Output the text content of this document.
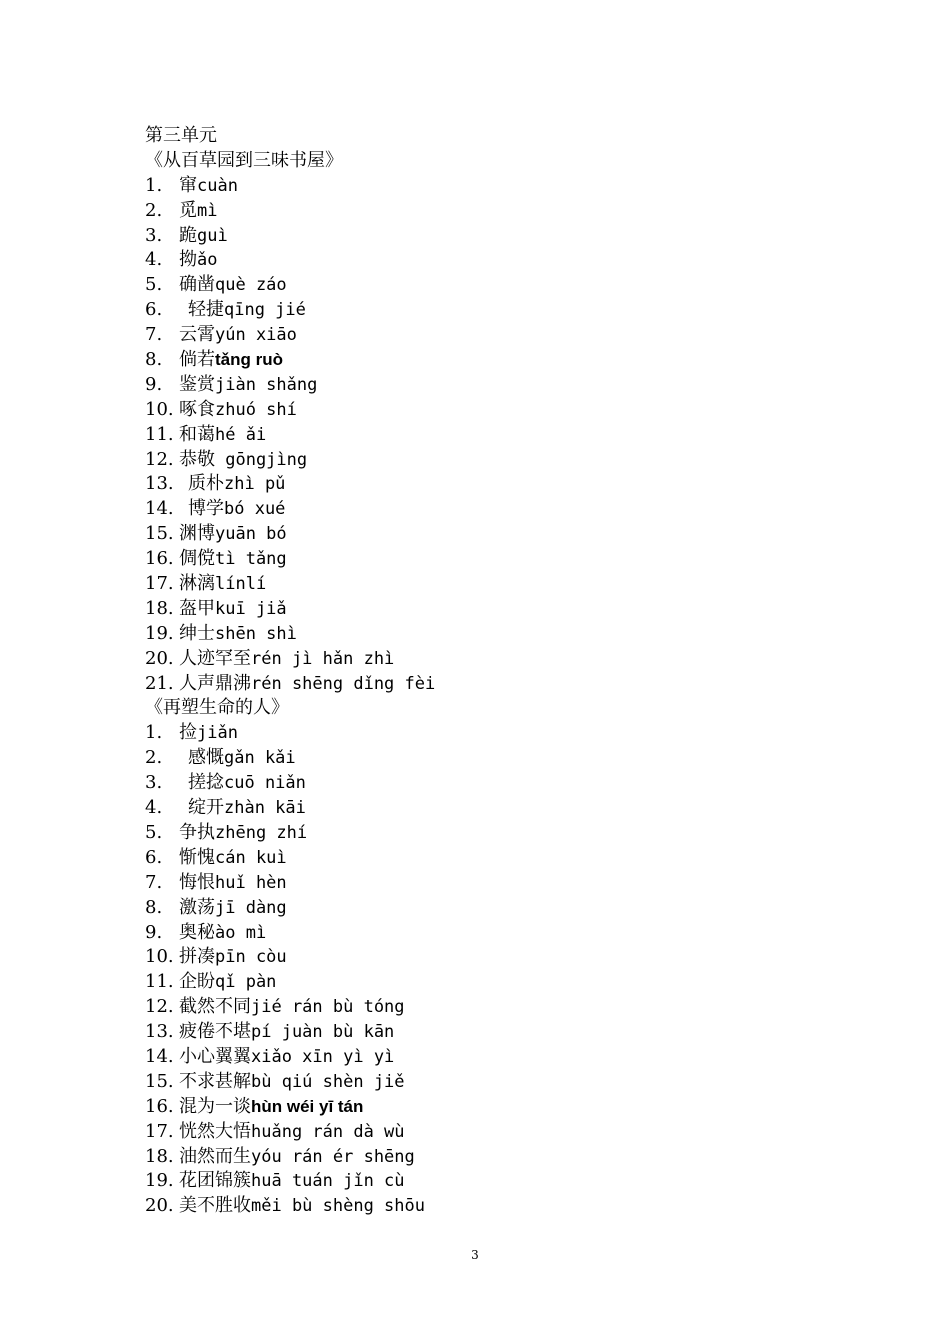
第三单元
《从百草园到三味书屋》
1. 窜cuàn
2. 觅mì
3. 跪guì
4. 拗ǎo
5. 确凿què záo
6. 轻捷qīng jié
7. 云霄yún xiāo
8. 倘若tǎng ruò
9. 鉴赏jiàn shǎng
10. 啄食zhuó shí
11. 和蔼hé ǎi
12. 恭敬 gōngjìng
13. 质朴zhì pǔ
14. 博学bó xué
15. 渊博yuān bó
16. 倜傥tì tǎng
17. 淋漓línlí
18. 盔甲kuī jiǎ
19. 绅士shēn shì
20. 人迹罕至rén jì hǎn zhì
21. 人声鼎沸rén shēng dǐng fèi
《再塑生命的人》
1. 捡jiǎn
2. 感慨gǎn kǎi
3. 搓捻cuō niǎn
4. 绽开zhàn kāi
5. 争执zhēng zhí
6. 惭愧cán kuì
7. 悔恨huǐ hèn
8. 激荡jī dàng
9. 奥秘ào mì
10. 拼凑pīn còu
11. 企盼qǐ pàn
12. 截然不同jié rán bù tóng
13. 疲倦不堪pí juàn bù kān
14. 小心翼翼xiǎo xīn yì yì
15. 不求甚解bù qiú shèn jiě
16. 混为一谈hùn wéi yī tán
17. 恍然大悟huǎng rán dà wù
18. 油然而生yóu rán ér shēng
19. 花团锦簇huā tuán jǐn cù
20. 美不胜收měi bù shèng shōu
3
